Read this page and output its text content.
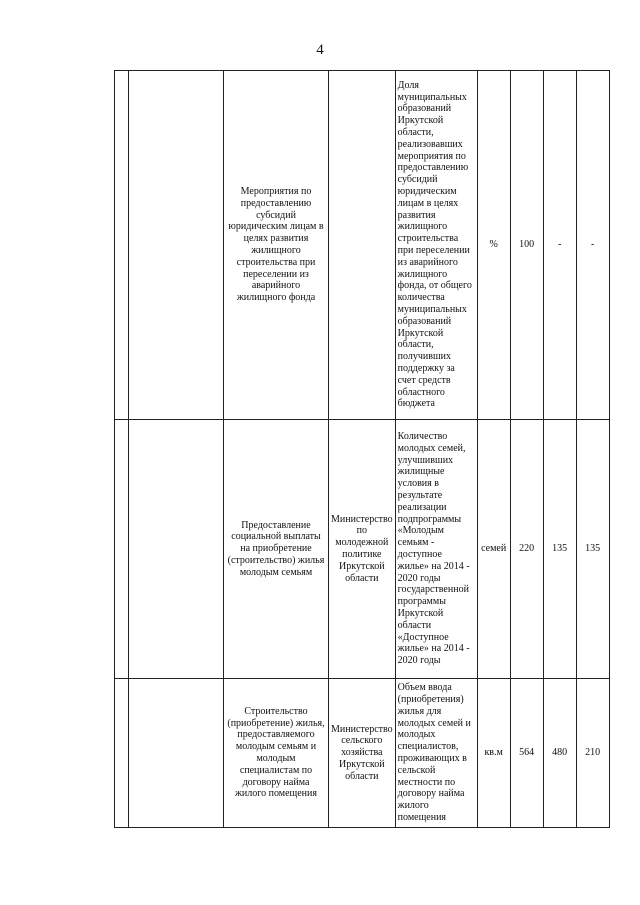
4
		Мероприятия по предоставлению субсидий юридическим лицам в целях развития жилищного строительства при переселении из аварийного жилищного фонда		Доля муниципальных образований Иркутской области, реализовавших мероприятия по предоставлению субсидий юридическим лицам в целях развития жилищного строительства при переселении из аварийного жилищного фонда, от общего количества муниципальных образований Иркутской области, получивших поддержку за счет средств областного бюджета	%	100	-	-
		Предоставление социальной выплаты на приобретение (строительство) жилья молодым семьям	Министерство по молодежной политике Иркутской области	Количество молодых семей, улучшивших жилищные условия в результате реализации подпрограммы «Молодым семьям - доступное жилье» на 2014 - 2020 годы государственной программы Иркутской области «Доступное жилье» на 2014 - 2020 годы	семей	220	135	135
		Строительство (приобретение) жилья, предоставляемого молодым семьям и молодым специалистам по договору найма жилого помещения	Министерство сельского хозяйства Иркутской области	Объем ввода (приобретения) жилья для молодых семей и молодых специалистов, проживающих в сельской местности по договору найма жилого помещения	кв.м	564	480	210
